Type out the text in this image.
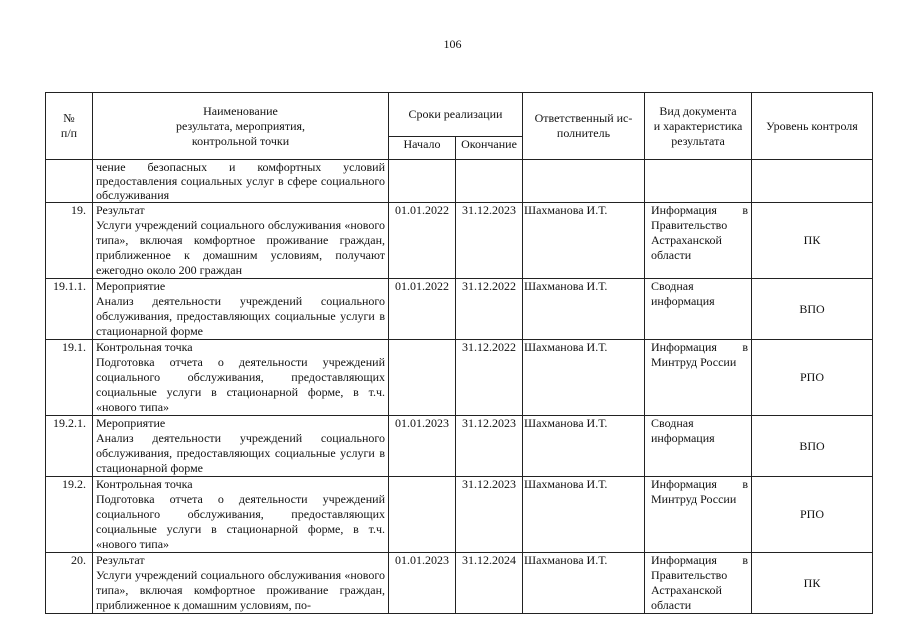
106
№
п/п	Наименование
результата, мероприятия,
контрольной точки	Сроки реализации		Ответственный ис-
полнитель	Вид документа
и характеристика
результата	Уровень контроля
		Начало	Окончание			
	чение безопасных и комфортных условий предоставления социальных услуг в сфере социального обслуживания					
19.	Результат
Услуги учреждений социального обслуживания «нового типа», включая комфортное проживание граждан, приближенное к домашним условиям, получают ежегодно около 200 граждан	01.01.2022	31.12.2023	Шахманова И.Т.	Информация в Правительство Астраханской области	ПК
19.1.1.	Мероприятие
Анализ деятельности учреждений социального обслуживания, предоставляющих социальные услуги в стационарной форме	01.01.2022	31.12.2022	Шахманова И.Т.	Сводная информация	ВПО
19.1.	Контрольная точка
Подготовка отчета о деятельности учреждений социального обслуживания, предоставляющих социальные услуги в стационарной форме, в т.ч. «нового типа»		31.12.2022	Шахманова И.Т.	Информация в Минтруд России	РПО
19.2.1.	Мероприятие
Анализ деятельности учреждений социального обслуживания, предоставляющих социальные услуги в стационарной форме	01.01.2023	31.12.2023	Шахманова И.Т.	Сводная информация	ВПО
19.2.	Контрольная точка
Подготовка отчета о деятельности учреждений социального обслуживания, предоставляющих социальные услуги в стационарной форме, в т.ч. «нового типа»		31.12.2023	Шахманова И.Т.	Информация в Минтруд России	РПО
20.	Результат
Услуги учреждений социального обслуживания «нового типа», включая комфортное проживание граждан, приближенное к домашним условиям, по-	01.01.2023	31.12.2024	Шахманова И.Т.	Информация в Правительство Астраханской области	ПК
